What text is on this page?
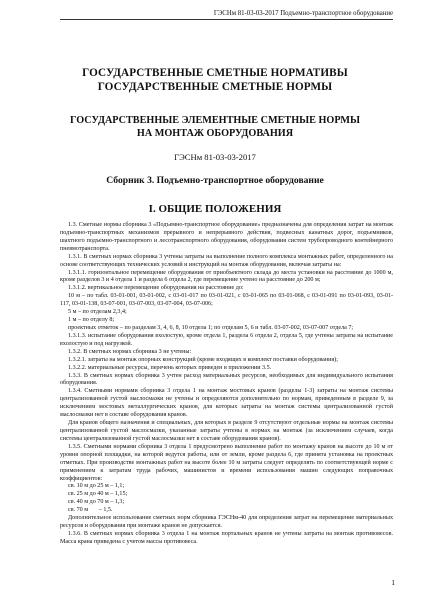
ГЭСНм 81-03-03-2017 Подъемно-транспортное оборудование
ГОСУДАРСТВЕННЫЕ СМЕТНЫЕ НОРМАТИВЫ
ГОСУДАРСТВЕННЫЕ СМЕТНЫЕ НОРМЫ
ГОСУДАРСТВЕННЫЕ ЭЛЕМЕНТНЫЕ СМЕТНЫЕ НОРМЫ
НА МОНТАЖ ОБОРУДОВАНИЯ
ГЭСНм 81-03-03-2017
Сборник 3. Подъемно-транспортное оборудование
I. ОБЩИЕ ПОЛОЖЕНИЯ

1.3. Сметные нормы сборника 3 «Подъемно-транспортное оборудование» предназначены для определения затрат на монтаж подъемно-транспортных механизмов прерывного и непрерывного действия, подвесных канатных дорог, подъемников, шахтного подъемно-транспортного и лесотранспортного оборудования, оборудования систем трубопроводного контейнерного пневмотранспорта.

1.3.1. В сметных нормах сборника 3 учтены затраты на выполнение полного комплекса монтажных работ, определенного на основе соответствующих технических условий и инструкций на монтаж оборудования, включая затраты на:

1.3.1.1. горизонтальное перемещение оборудования от приобъектного склада до места установки на расстояние до 1000 м, кроме разделов 3 и 4 отдела 1 и раздела 6 отдела 2, где перемещение учтено на расстояние до 200 м;

1.3.1.2. вертикальное перемещение оборудования на расстояние до:

10 м – по табл. 03-01-001, 03-01-002, с 03-01-017 по 03-01-021, с 03-01-065 по 03-01-068, с 03-01-091 по 03-01-093, 03-01-117, 03-01-138, 03-07-001, 03-07-003, 03-07-004, 03-07-006;

5 м – по отделам 2,3,4;

1 м – по отделу 8;

проектных отметок – по разделам 3, 4, 6, 8, 10 отдела 1; по отделам 5, 6 и табл. 03-07-002, 03-07-007 отдела 7;

1.3.1.3. испытание оборудования вхолостую, кроме отдела 1, раздела 6 отдела 2, отдела 5, где учтены затраты на испытание вхолостую и под нагрузкой.

1.3.2. В сметных нормах сборника 3 не учтены:

1.3.2.1. затраты на монтаж опорных конструкций (кроме входящих в комплект поставки оборудования);

1.3.2.2. материальные ресурсы, перечень которых приведен в приложении 3.5.

1.3.3. В сметных нормах сборника 3 учтен расход материальных ресурсов, необходимых для индивидуального испытания оборудования.

1.3.4. Сметными нормами сборника 3 отдела 1 на монтаж мостовых кранов (разделы 1-3) затраты на монтаж системы централизованной густой маслосмазки не учтены и определяются дополнительно по нормам, приведенным в разделе 9, за исключением мостовых металлургических кранов, для которых затраты на монтаж системы централизованной густой маслосмазки нет в составе оборудования кранов.

Для кранов общего назначения и специальных, для которых в разделе 9 отсутствуют отдельные нормы на монтаж системы централизованной густой маслосмазки, указанные затраты учтены в нормах на монтаж (за исключением случаев, когда системы централизованной густой маслосмазки нет в составе оборудования кранов).

1.3.5. Сметными нормами сборника 3 отдела 1 предусмотрено выполнение работ по монтажу кранов на высоте до 10 м от уровня опорной площадки, на которой ведутся работы, или от земли, кроме раздела 6, где принята установка на проектных отметках. При производстве монтажных работ на высоте более 10 м затраты следует определять по соответствующей норме с применением к затратам труда рабочих, машинистов и времени использования машин следующих поправочных коэффициентов:

св. 10 м до 25 м – 1,1;

св. 25 м до 40 м – 1,15;

св. 40 м до 70 м – 1,3;

св. 70 м       – 1,5.

Дополнительное использование сметных норм сборника ГЭСНм-40 для определения затрат на перемещение материальных ресурсов и оборудования при монтаже кранов не допускается.

1.3.6. В сметных нормах сборника 3 отдела 1 на монтаж портальных кранов не учтены затраты на монтаж противовесов. Масса крана приведена с учетом массы противовеса.

1
